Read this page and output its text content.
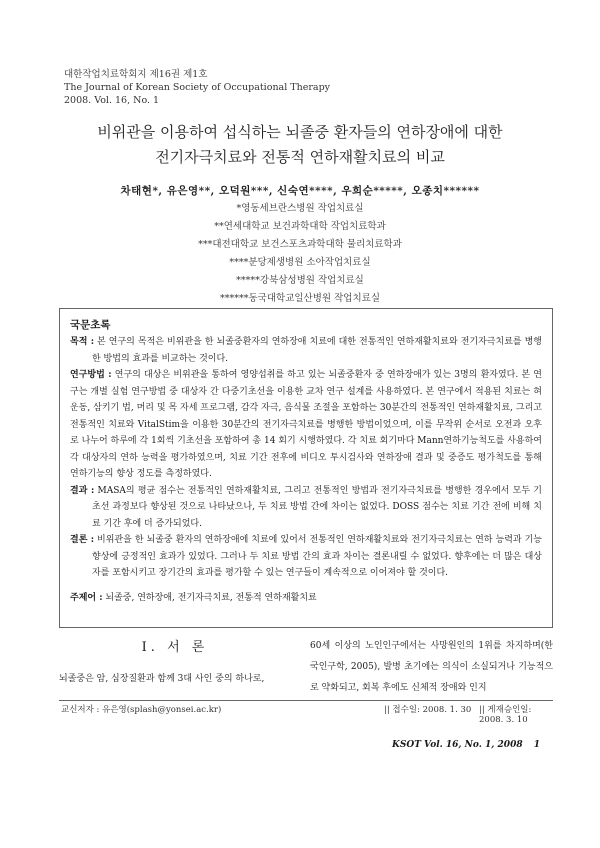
대한작업치료학회지 제16권 제1호
The Journal of Korean Society of Occupational Therapy
2008. Vol. 16, No. 1
비위관을 이용하여 섭식하는 뇌졸중 환자들의 연하장애에 대한
전기자극치료와 전통적 연하재활치료의 비교
차태현*, 유은영**, 오덕원***, 신숙연****, 우희순*****, 오종치******
*영동세브란스병원 작업치료실
**연세대학교 보건과학대학 작업치료학과
***대전대학교 보건스포츠과학대학 물리치료학과
****분당제생병원 소아작업치료실
*****강북삼성병원 작업치료실
******동국대학교일산병원 작업치료실
국문초록

목적 : 본 연구의 목적은 비위관을 한 뇌졸중환자의 연하장애 치료에 대한 전통적인 연하재활치료와 전기자극치료를 병행한 방법의 효과를 비교하는 것이다.

연구방법 : 연구의 대상은 비위관을 통하여 영양섭취를 하고 있는 뇌졸중환자 중 연하장애가 있는 3명의 환자였다. 본 연구는 개별 실험 연구방법 중 대상자 간 다중기초선을 이용한 교차 연구 설계를 사용하였다. 본 연구에서 적용된 치료는 혀 운동, 삼키기 법, 머리 및 목 자세 프로그램, 감각 자극, 음식물 조절을 포함하는 30분간의 전통적인 연하재활치료, 그리고 전통적인 치료와 VitalStim을 이용한 30분간의 전기자극치료를 병행한 방법이었으며, 이를 무작위 순서로 오전과 오후로 나누어 하루에 각 1회씩 기초선을 포함하여 총 14 회기 시행하였다. 각 치료 회기마다 Mann연하기능척도를 사용하여 각 대상자의 연하 능력을 평가하였으며, 치료 기간 전후에 비디오 투시검사와 연하장애 결과 및 중증도 평가척도를 통해 연하기능의 향상 정도를 측정하였다.

결과 : MASA의 평균 점수는 전통적인 연하재활치료, 그리고 전통적인 방법과 전기자극치료를 병행한 경우에서 모두 기초선 과정보다 향상된 것으로 나타났으나, 두 치료 방법 간에 차이는 없었다. DOSS 점수는 치료 기간 전에 비해 치료 기간 후에 더 증가되었다.

결론 : 비위관을 한 뇌졸중 환자의 연하장애에 치료에 있어서 전통적인 연하재활치료와 전기자극치료는 연하 능력과 기능 향상에 긍정적인 효과가 있었다. 그러나 두 치료 방법 간의 효과 차이는 결론내릴 수 없었다. 향후에는 더 많은 대상자를 포함시키고 장기간의 효과를 평가할 수 있는 연구들이 계속적으로 이어져야 할 것이다.

주제어 : 뇌졸중, 연하장애, 전기자극치료, 전통적 연하재활치료
I. 서 론
뇌졸중은 암, 심장질환과 함께 3대 사인 중의 하나로,
60세 이상의 노인인구에서는 사망원인의 1위를 차지하며(한국인구학, 2005), 발병 초기에는 의식이 소실되거나 기능적으로 약화되고, 회복 후에도 신체적 장애와 인지
교신저자 : 유은영(splash@yonsei.ac.kr)	|| 접수일: 2008. 1. 30 || 게재승인일: 2008. 3. 10
KSOT Vol. 16, No. 1, 2008 1
